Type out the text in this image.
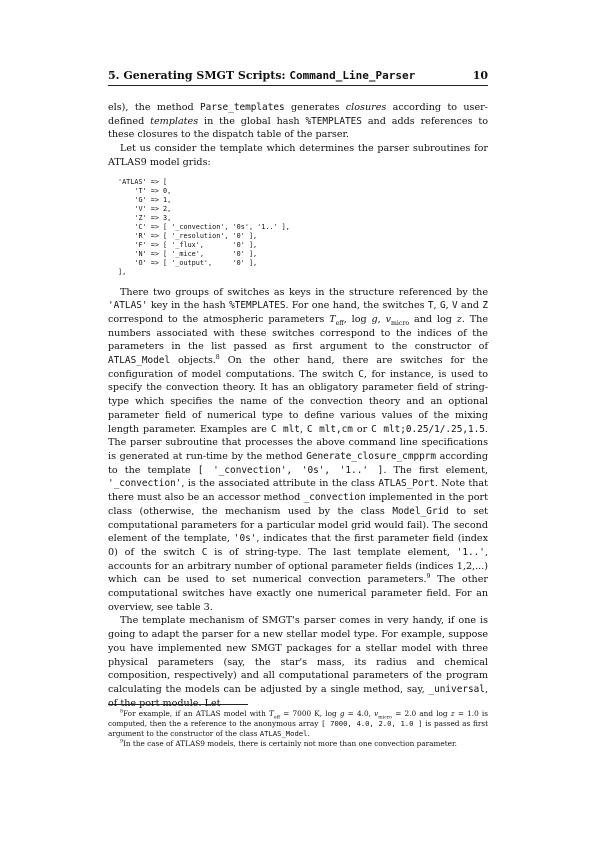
5. Generating SMGT Scripts: Command_Line_Parser	10

els), the method Parse_templates generates closures according to user-defined templates in the global hash %TEMPLATES and adds references to these closures to the dispatch table of the parser.

Let us consider the template which determines the parser subroutines for ATLAS9 model grids:

'ATLAS' => [
'T' => 0,
'G' => 1,
'V' => 2,
'Z' => 3,
'C' => [ '_convection', '0s', '1..' ],
'R' => [ '_resolution', '0' ],
'F' => [ '_flux',       '0' ],
'N' => [ '_mice',       '0' ],
'O' => [ '_output',     '0' ],
],

There two groups of switches as keys in the structure referenced by the 'ATLAS' key in the hash %TEMPLATES. For one hand, the switches T, G, V and Z correspond to the atmospheric parameters $T_{eff}$, log g, $v_{micro}$ and log z. The numbers associated with these switches correspond to the indices of the parameters in the list passed as first argument to the constructor of ATLAS_Model objects.$^8$ On the other hand, there are switches for the configuration of model computations. The switch C, for instance, is used to specify the convection theory. It has an obligatory parameter field of string-type which specifies the name of the convection theory and an optional parameter field of numerical type to define various values of the mixing length parameter. Examples are C mlt, C mlt,cm or C mlt;0.25/1/.25,1.5. The parser subroutine that processes the above command line specifications is generated at run-time by the method Generate_closure_cmpprm according to the template [ '_convection', '0s', '1..' ]. The first element, '_convection', is the associated attribute in the class ATLAS_Port. Note that there must also be an accessor method _convection implemented in the port class (otherwise, the mechanism used by the class Model_Grid to set computational parameters for a particular model grid would fail). The second element of the template, '0s', indicates that the first parameter field (index 0) of the switch C is of string-type. The last template element, '1..', accounts for an arbitrary number of optional parameter fields (indices 1,2,...) which can be used to set numerical convection parameters.$^9$ The other computational switches have exactly one numerical parameter field. For an overview, see table 3.

The template mechanism of SMGT's parser comes in very handy, if one is going to adapt the parser for a new stellar model type. For example, suppose you have implemented new SMGT packages for a stellar model with three physical parameters (say, the star's mass, its radius and chemical composition, respectively) and all computational parameters of the program calculating the models can be adjusted by a single method, say, _universal, of the port module. Let

$^8$For example, if an ATLAS model with $T_{eff} = 7000$ K, log g = 4.0, $v_{micro} = 2.0$ and log z = 1.0 is computed, then the a reference to the anonymous array [ 7000, 4.0, 2.0, 1.0 ] is passed as first argument to the constructor of the class ATLAS_Model.

$^9$In the case of ATLAS9 models, there is certainly not more than one convection parameter.
